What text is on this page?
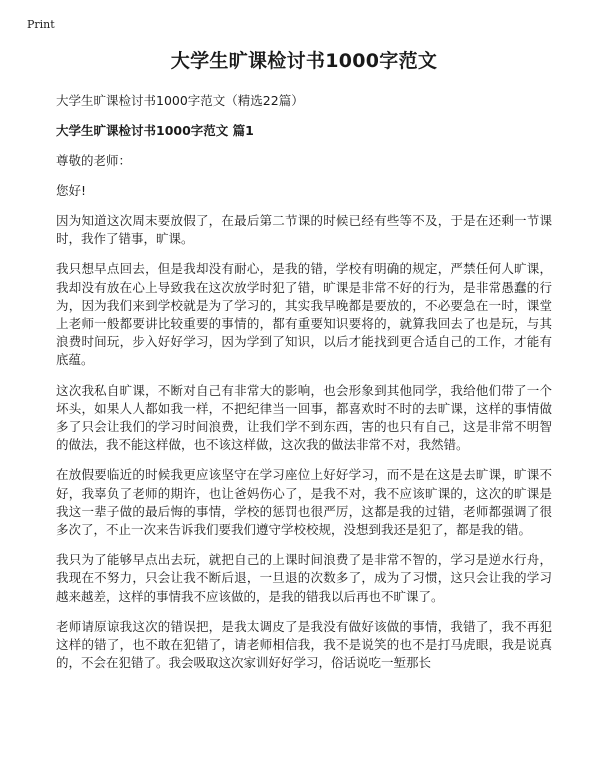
Print
大学生旷课检讨书1000字范文

大学生旷课检讨书1000字范文（精选22篇）

大学生旷课检讨书1000字范文 篇1

尊敬的老师：

您好!

因为知道这次周末要放假了，在最后第二节课的时候已经有些等不及，于是在还剩一节课时，我作了错事，旷课。

我只想早点回去，但是我却没有耐心，是我的错，学校有明确的规定，严禁任何人旷课，我却没有放在心上导致我在这次放学时犯了错，旷课是非常不好的行为，是非常愚蠢的行为，因为我们来到学校就是为了学习的，其实我早晚都是要放的，不必要急在一时，课堂上老师一般都要讲比较重要的事情的，都有重要知识要将的，就算我回去了也是玩，与其浪费时间玩，步入好好学习，因为学到了知识，以后才能找到更合适自己的工作，才能有底蕴。

这次我私自旷课，不断对自己有非常大的影响，也会形象到其他同学，我给他们带了一个坏头，如果人人都如我一样，不把纪律当一回事，都喜欢时不时的去旷课，这样的事情做多了只会让我们的学习时间浪费，让我们学不到东西，害的也只有自己，这是非常不明智的做法，我不能这样做，也不该这样做，这次我的做法非常不对，我然错。

在放假要临近的时候我更应该坚守在学习座位上好好学习，而不是在这是去旷课，旷课不好，我辜负了老师的期许，也让爸妈伤心了，是我不对，我不应该旷课的，这次的旷课是我这一辈子做的最后悔的事情，学校的惩罚也很严厉，这都是我的过错，老师都强调了很多次了，不止一次来告诉我们要我们遵守学校校规，没想到我还是犯了，都是我的错。

我只为了能够早点出去玩，就把自己的上课时间浪费了是非常不智的，学习是逆水行舟，我现在不努力，只会让我不断后退，一旦退的次数多了，成为了习惯，这只会让我的学习越来越差，这样的事情我不应该做的，是我的错我以后再也不旷课了。

老师请原谅我这次的错误把，是我太调皮了是我没有做好该做的事情，我错了，我不再犯这样的错了，也不敢在犯错了，请老师相信我，我不是说笑的也不是打马虎眼，我是说真的，不会在犯错了。我会吸取这次家训好好学习，俗话说吃一堑那长
